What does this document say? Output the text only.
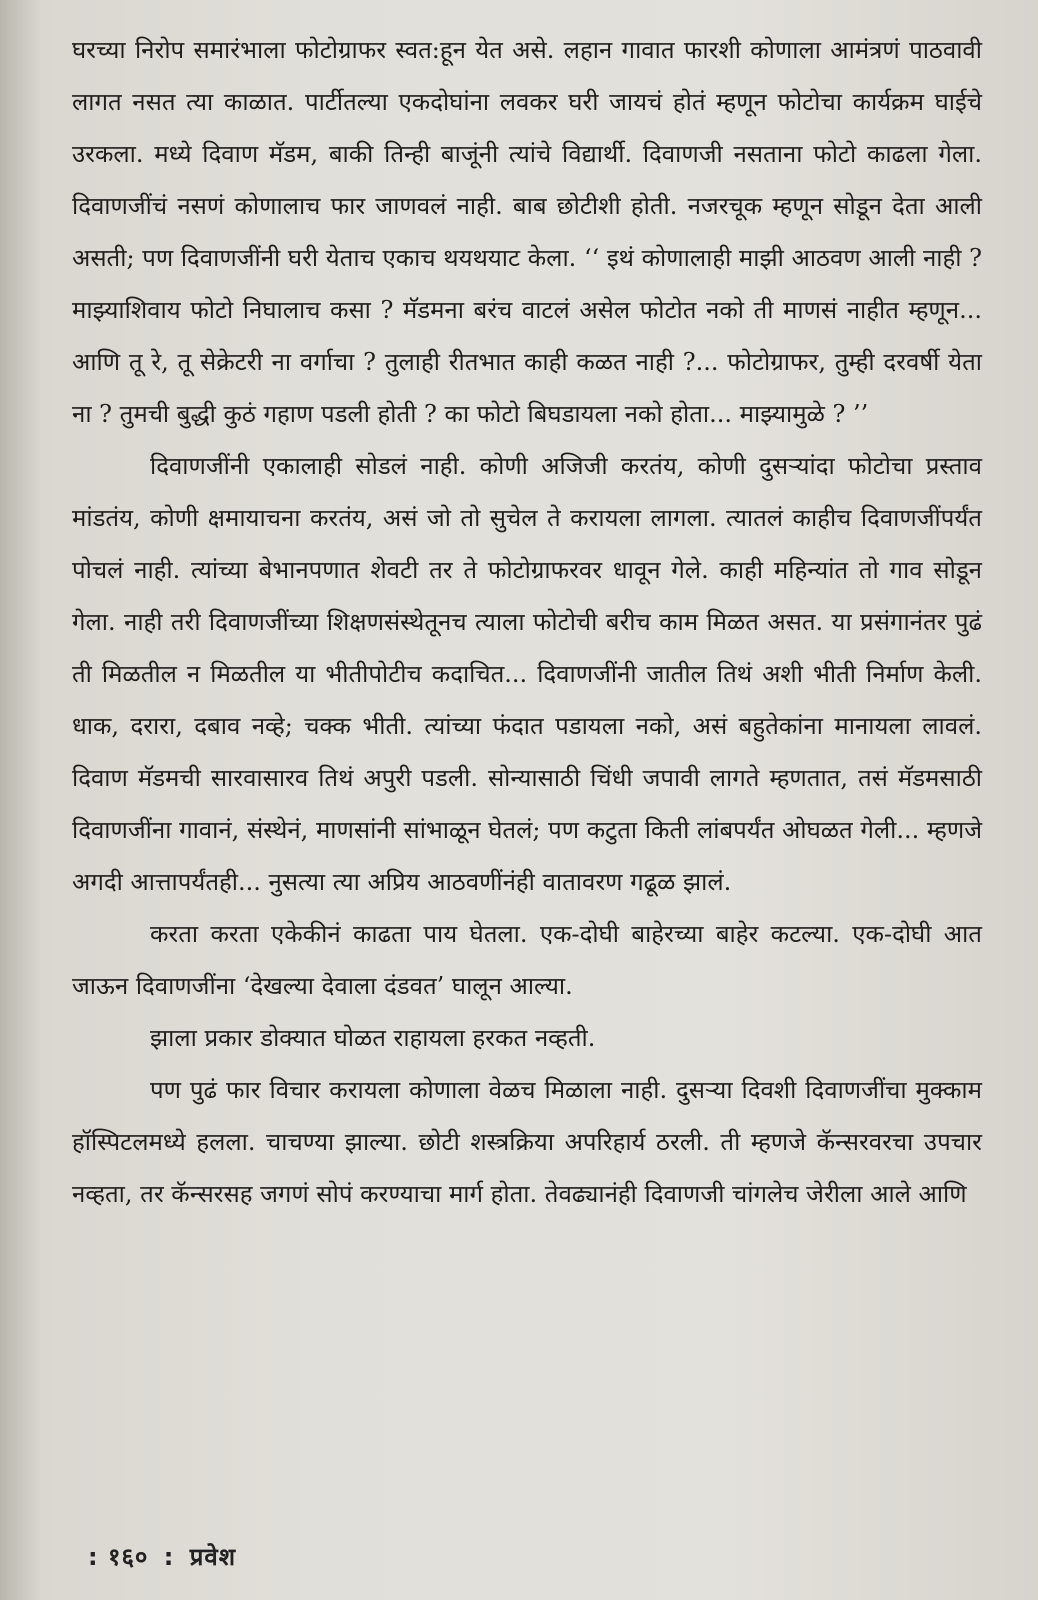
घरच्या निरोप समारंभाला फोटोग्राफर स्वत:हून येत असे. लहान गावात फारशी कोणाला आमंत्रणं पाठवावी लागत नसत त्या काळात. पार्टीतल्या एकदोघांना लवकर घरी जायचं होतं म्हणून फोटोचा कार्यक्रम घाईचे उरकला. मध्ये दिवाण मॅडम, बाकी तिन्ही बाजूंनी त्यांचे विद्यार्थी. दिवाणजी नसताना फोटो काढला गेला. दिवाणजींचं नसणं कोणालाच फार जाणवलं नाही. बाब छोटीशी होती. नजरचूक म्हणून सोडून देता आली असती; पण दिवाणजींनी घरी येताच एकाच थयथयाट केला. ‘‘ इथं कोणालाही माझी आठवण आली नाही ? माझ्याशिवाय फोटो निघालाच कसा ? मॅडमना बरंच वाटलं असेल फोटोत नको ती माणसं नाहीत म्हणून... आणि तू रे, तू सेक्रेटरी ना वर्गाचा ? तुलाही रीतभात काही कळत नाही ?... फोटोग्राफर, तुम्ही दरवर्षी येता ना ? तुमची बुद्धी कुठं गहाण पडली होती ? का फोटो बिघडायला नको होता... माझ्यामुळे ? ’’

दिवाणजींनी एकालाही सोडलं नाही. कोणी अजिजी करतंय, कोणी दुसऱ्यांदा फोटोचा प्रस्ताव मांडतंय, कोणी क्षमायाचना करतंय, असं जो तो सुचेल ते करायला लागला. त्यातलं काहीच दिवाणजींपर्यंत पोचलं नाही. त्यांच्या बेभानपणात शेवटी तर ते फोटोग्राफरवर धावून गेले. काही महिन्यांत तो गाव सोडून गेला. नाही तरी दिवाणजींच्या शिक्षणसंस्थेतूनच त्याला फोटोची बरीच काम मिळत असत. या प्रसंगानंतर पुढं ती मिळतील न मिळतील या भीतीपोटीच कदाचित... दिवाणजींनी जातील तिथं अशी भीती निर्माण केली. धाक, दरारा, दबाव नव्हे; चक्क भीती. त्यांच्या फंदात पडायला नको, असं बहुतेकांना मानायला लावलं. दिवाण मॅडमची सारवासारव तिथं अपुरी पडली. सोन्यासाठी चिंधी जपावी लागते म्हणतात, तसं मॅडमसाठी दिवाणजींना गावानं, संस्थेनं, माणसांनी सांभाळून घेतलं; पण कटुता किती लांबपर्यंत ओघळत गेली... म्हणजे अगदी आत्तापर्यंतही... नुसत्या त्या अप्रिय आठवणींनंही वातावरण गढूळ झालं.

करता करता एकेकीनं काढता पाय घेतला. एक-दोघी बाहेरच्या बाहेर कटल्या. एक-दोघी आत जाऊन दिवाणजींना ‘देखल्या देवाला दंडवत’ घालून आल्या.

झाला प्रकार डोक्यात घोळत राहायला हरकत नव्हती.

पण पुढं फार विचार करायला कोणाला वेळच मिळाला नाही. दुसऱ्या दिवशी दिवाणजींचा मुक्काम हॉस्पिटलमध्ये हलला. चाचण्या झाल्या. छोटी शस्त्रक्रिया अपरिहार्य ठरली. ती म्हणजे कॅन्सरवरचा उपचार नव्हता, तर कॅन्सरसह जगणं सोपं करण्याचा मार्ग होता. तेवढ्यानंही दिवाणजी चांगलेच जेरीला आले आणि

: १६० : प्रवेश
